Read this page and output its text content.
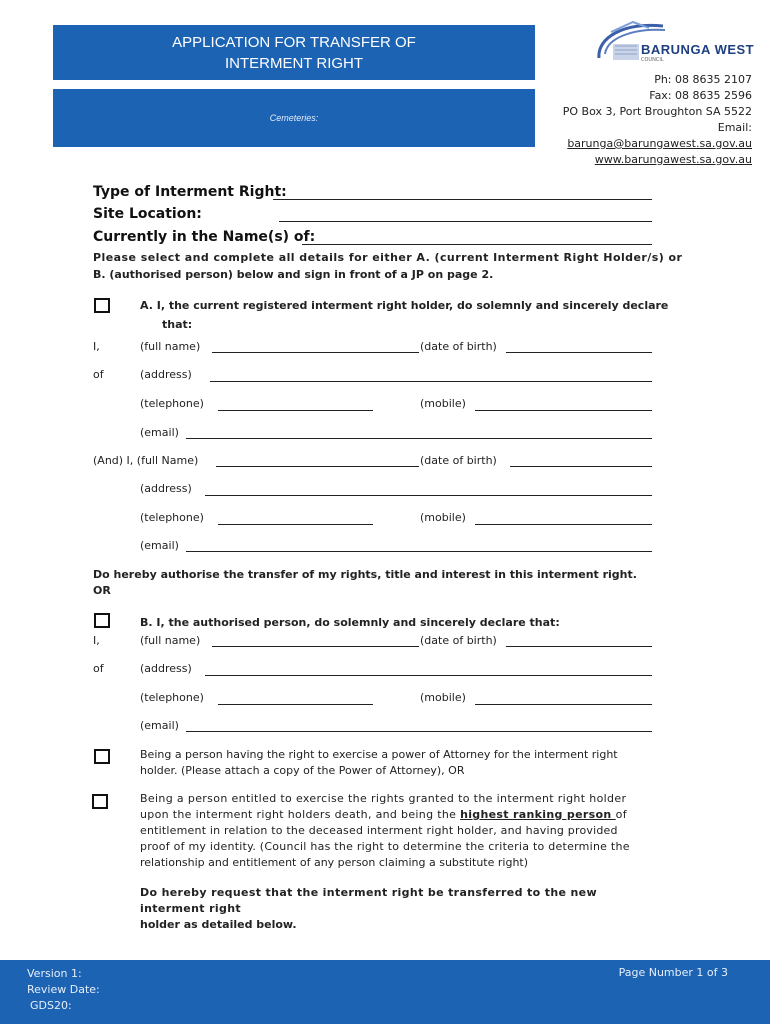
APPLICATION FOR TRANSFER OF
INTERMENT RIGHT
Cemeteries:
BARUNGA WEST
COUNCIL
Ph: 08 8635 2107
Fax: 08 8635 2596
PO Box 3, Port Broughton SA 5522
Email:
barunga@barungawest.sa.gov.au
www.barungawest.sa.gov.au
Type of Interment Right:
Site Location:
Currently in the Name(s) of:
Please select and complete all details for either A. (current Interment Right Holder/s) or
B. (authorised person) below and sign in front of a JP on page 2.
A. I, the current registered interment right holder, do solemnly and sincerely declare
that:
I,	(full name)	(date of birth)
of	(address)
(telephone)	(mobile)
(email)
(And) I, (full Name)	(date of birth)
(address)
(telephone)	(mobile)
(email)
Do hereby authorise the transfer of my rights, title and interest in this interment right.
OR
B. I, the authorised person, do solemnly and sincerely declare that:
I,	(full name)	(date of birth)
of	(address)
(telephone)	(mobile)
(email)
Being a person having the right to exercise a power of Attorney for the interment right
holder. (Please attach a copy of the Power of Attorney), OR
Being a person entitled to exercise the rights granted to the interment right holder
upon the interment right holders death, and being the highest ranking person of
entitlement in relation to the deceased interment right holder, and having provided
proof of my identity. (Council has the right to determine the criteria to determine the
relationship and entitlement of any person claiming a substitute right)
Do hereby request that the interment right be transferred to the new interment right
holder as detailed below.
Version 1:
Review Date:
GDS20:
Page Number 1 of 3
